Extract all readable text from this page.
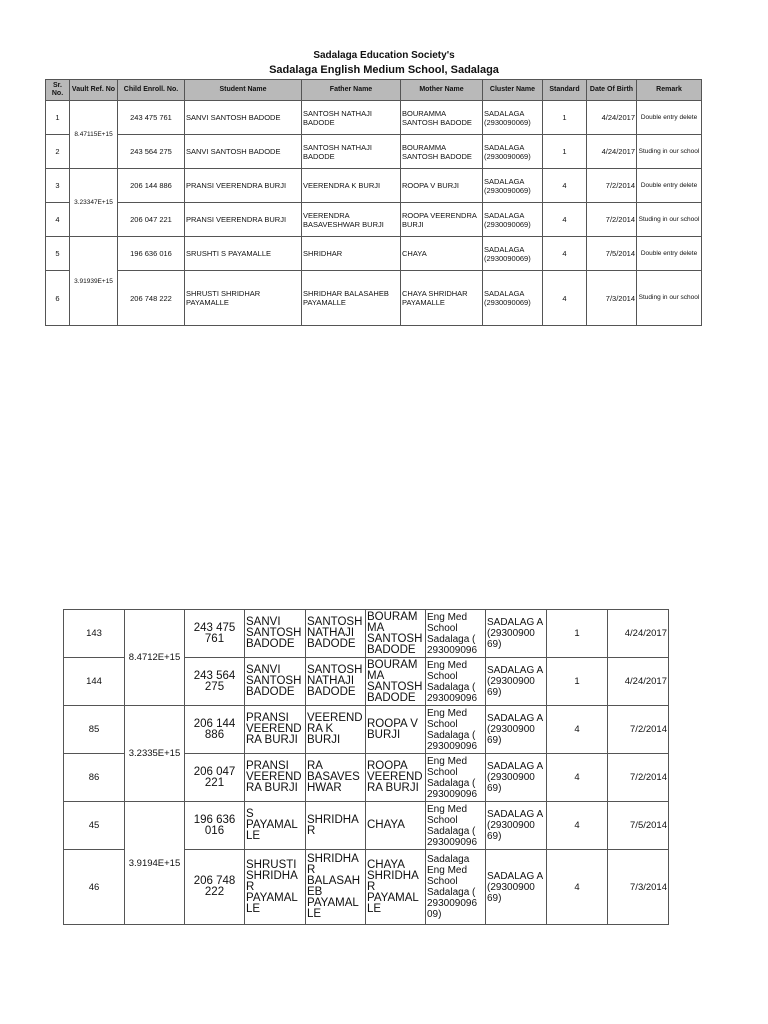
Sadalaga Education Society's
Sadalaga English Medium School, Sadalaga
Sr. No.	Vault Ref. No	Child Enroll. No.	Student Name	Father Name	Mother Name	Cluster Name	Standard	Date Of Birth	Remark
1	8.47115E+15	243 475 761	SANVI SANTOSH BADODE	SANTOSH NATHAJI BADODE	BOURAMMA SANTOSH BADODE	SADALAGA (2930090069)	1	4/24/2017	Double entry delete
2		243 564 275	SANVI SANTOSH BADODE	SANTOSH NATHAJI BADODE	BOURAMMA SANTOSH BADODE	SADALAGA (2930090069)	1	4/24/2017	Studing in our school
3	3.23347E+15	206 144 886	PRANSI VEERENDRA BURJI	VEERENDRA K BURJI	ROOPA V BURJI	SADALAGA (2930090069)	4	7/2/2014	Double entry delete
4		206 047 221	PRANSI VEERENDRA BURJI	VEERENDRA BASAVESHWAR BURJI	ROOPA VEERENDRA BURJI	SADALAGA (2930090069)	4	7/2/2014	Studing in our school
5	3.91939E+15	196 636 016	SRUSHTI S PAYAMALLE	SHRIDHAR	CHAYA	SADALAGA (2930090069)	4	7/5/2014	Double entry delete
6		206 748 222	SHRUSTI SHRIDHAR PAYAMALLE	SHRIDHAR BALASAHEB PAYAMALLE	CHAYA SHRIDHAR PAYAMALLE	SADALAGA (2930090069)	4	7/3/2014	Studing in our school
143	8.4712E+15	243 475 761	SANVI SANTOSH BADODE	SANTOSH NATHAJI BADODE	BOURAM MA SANTOSH BADODE	Eng Med School Sadalaga ( 293009096	SADALAG A (29300900 69)	1	4/24/2017
144		243 564 275	SANVI SANTOSH BADODE	SANTOSH NATHAJI BADODE	BOURAM MA SANTOSH BADODE	Eng Med School Sadalaga ( 293009096	SADALAG A (29300900 69)	1	4/24/2017
85	3.2335E+15	206 144 886	PRANSI VEEREND RA BURJI	VEEREND RA K BURJI	ROOPA V BURJI	Eng Med School Sadalaga ( 293009096	SADALAG A (29300900 69)	4	7/2/2014
86		206 047 221	PRANSI VEEREND RA BURJI	RA BASAVES HWAR	ROOPA VEEREND RA BURJI	Eng Med School Sadalaga ( 293009096	SADALAG A (29300900 69)	4	7/2/2014
45	3.9194E+15	196 636 016	S PAYAMAL LE	SHRIDHA R	CHAYA	Eng Med School Sadalaga ( 293009096	SADALAG A (29300900 69)	4	7/5/2014
46		206 748 222	SHRUSTI SHRIDHA R PAYAMAL LE	SHRIDHA R BALASAH EB PAYAMAL LE	CHAYA SHRIDHA R PAYAMAL LE	Sadalaga Eng Med School Sadalaga ( 293009096 09)	SADALAG A (29300900 69)	4	7/3/2014
